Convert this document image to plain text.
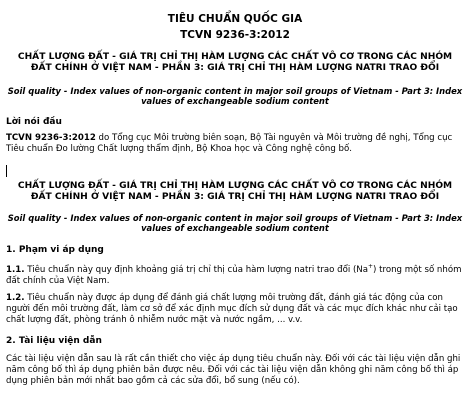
TIÊU CHUẨN QUỐC GIA
TCVN 9236-3:2012
CHẤT LƯỢNG ĐẤT - GIÁ TRỊ CHỈ THỊ HÀM LƯỢNG CÁC CHẤT VÔ CƠ TRONG CÁC NHÓM ĐẤT CHÍNH Ở VIỆT NAM - PHẦN 3: GIÁ TRỊ CHỈ THỊ HÀM LƯỢNG NATRI TRAO ĐỔI
Soil quality - Index values of non-organic content in major soil groups of Vietnam - Part 3: Index values of exchangeable sodium content
Lời nói đầu

TCVN 9236-3:2012 do Tổng cục Môi trường biên soạn, Bộ Tài nguyên và Môi trường đề nghị, Tổng cục Tiêu chuẩn Đo lường Chất lượng thẩm định, Bộ Khoa học và Công nghệ công bố.

CHẤT LƯỢNG ĐẤT - GIÁ TRỊ CHỈ THỊ HÀM LƯỢNG CÁC CHẤT VÔ CƠ TRONG CÁC NHÓM ĐẤT CHÍNH Ở VIỆT NAM - PHẦN 3: GIÁ TRỊ CHỈ THỊ HÀM LƯỢNG NATRI TRAO ĐỔI
Soil quality - Index values of non-organic content in major soil groups of Vietnam - Part 3: Index values of exchangeable sodium content
1. Phạm vi áp dụng

1.1. Tiêu chuẩn này quy định khoảng giá trị chỉ thị của hàm lượng natri trao đổi (Na+) trong một số nhóm đất chính của Việt Nam.

1.2. Tiêu chuẩn này được áp dụng để đánh giá chất lượng môi trường đất, đánh giá tác động của con người đến môi trường đất, làm cơ sở để xác định mục đích sử dụng đất và các mục đích khác như cải tạo chất lượng đất, phòng tránh ô nhiễm nước mặt và nước ngầm, ... v.v.

2. Tài liệu viện dẫn

Các tài liệu viện dẫn sau là rất cần thiết cho việc áp dụng tiêu chuẩn này. Đối với các tài liệu viện dẫn ghi năm công bố thì áp dụng phiên bản được nêu. Đối với các tài liệu viện dẫn không ghi năm công bố thì áp dụng phiên bản mới nhất bao gồm cả các sửa đổi, bổ sung (nếu có).
